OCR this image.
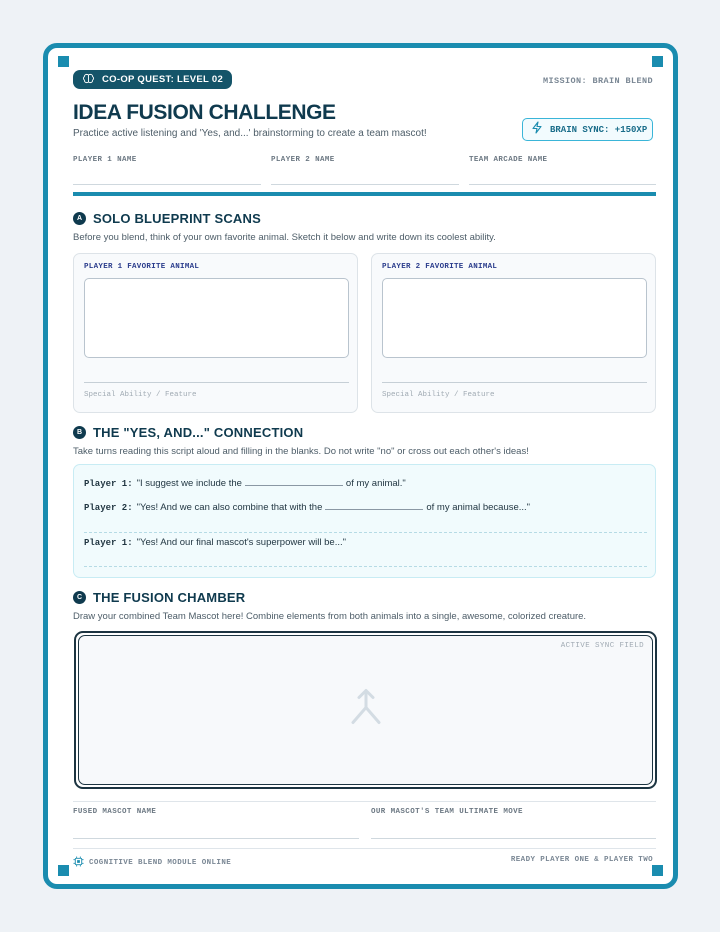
CO-OP QUEST: LEVEL 02	MISSION: BRAIN BLEND
IDEA FUSION CHALLENGE
Practice active listening and 'Yes, and...' brainstorming to create a team mascot!	BRAIN SYNC: +150XP
PLAYER 1 NAME	PLAYER 2 NAME	TEAM ARCADE NAME
A SOLO BLUEPRINT SCANS
Before you blend, think of your own favorite animal. Sketch it below and write down its coolest ability.
PLAYER 1 FAVORITE ANIMAL
Special Ability / Feature
PLAYER 2 FAVORITE ANIMAL
Special Ability / Feature
B THE "YES, AND..." CONNECTION
Take turns reading this script aloud and filling in the blanks. Do not write "no" or cross out each other's ideas!
Player 1: "I suggest we include the	of my animal."
Player 2: "Yes! And we can also combine that with the	of my animal because..."
Player 1: "Yes! And our final mascot's superpower will be..."
C THE FUSION CHAMBER
Draw your combined Team Mascot here! Combine elements from both animals into a single, awesome, colorized creature.
ACTIVE SYNC FIELD
FUSED MASCOT NAME	OUR MASCOT'S TEAM ULTIMATE MOVE
COGNITIVE BLEND MODULE ONLINE	READY PLAYER ONE & PLAYER TWO
